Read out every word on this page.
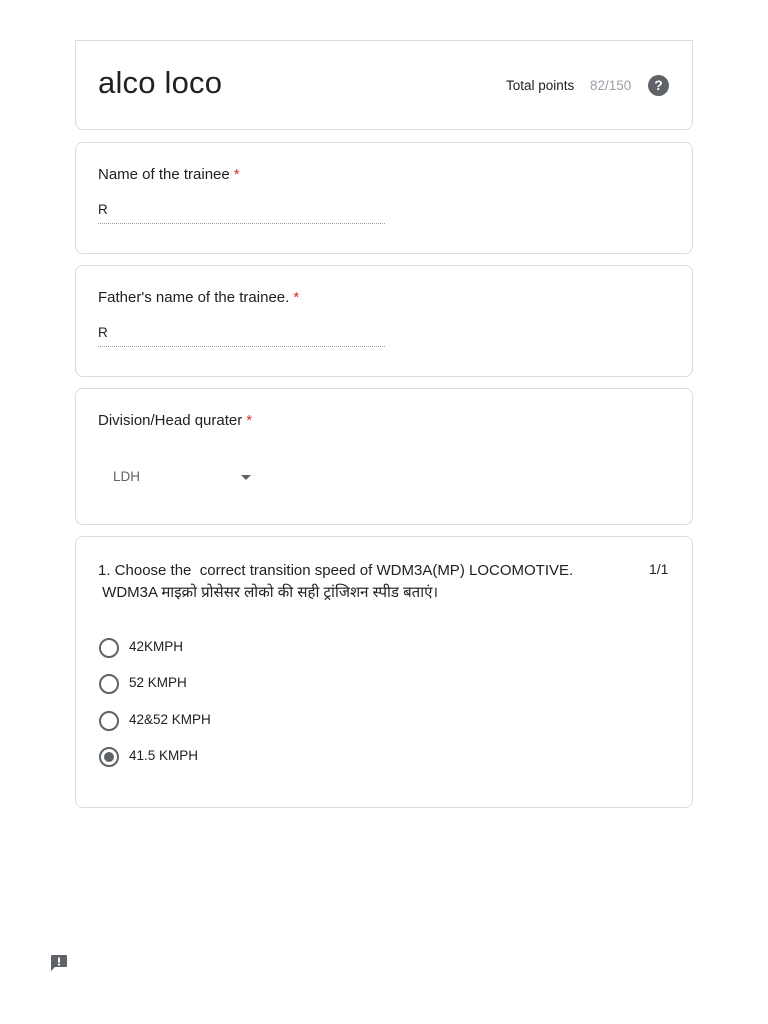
alco loco	Total points 82/150	?
Name of the trainee *
R
Father's name of the trainee. *
R
Division/Head qurater *
LDH
1. Choose the  correct transition speed of WDM3A(MP) LOCOMOTIVE.
WDM3A माइक्रो प्रोसेसर लोको की सही ट्रांजिशन स्पीड बताएं।
1/1
42KMPH
52 KMPH
42&52 KMPH
41.5 KMPH
